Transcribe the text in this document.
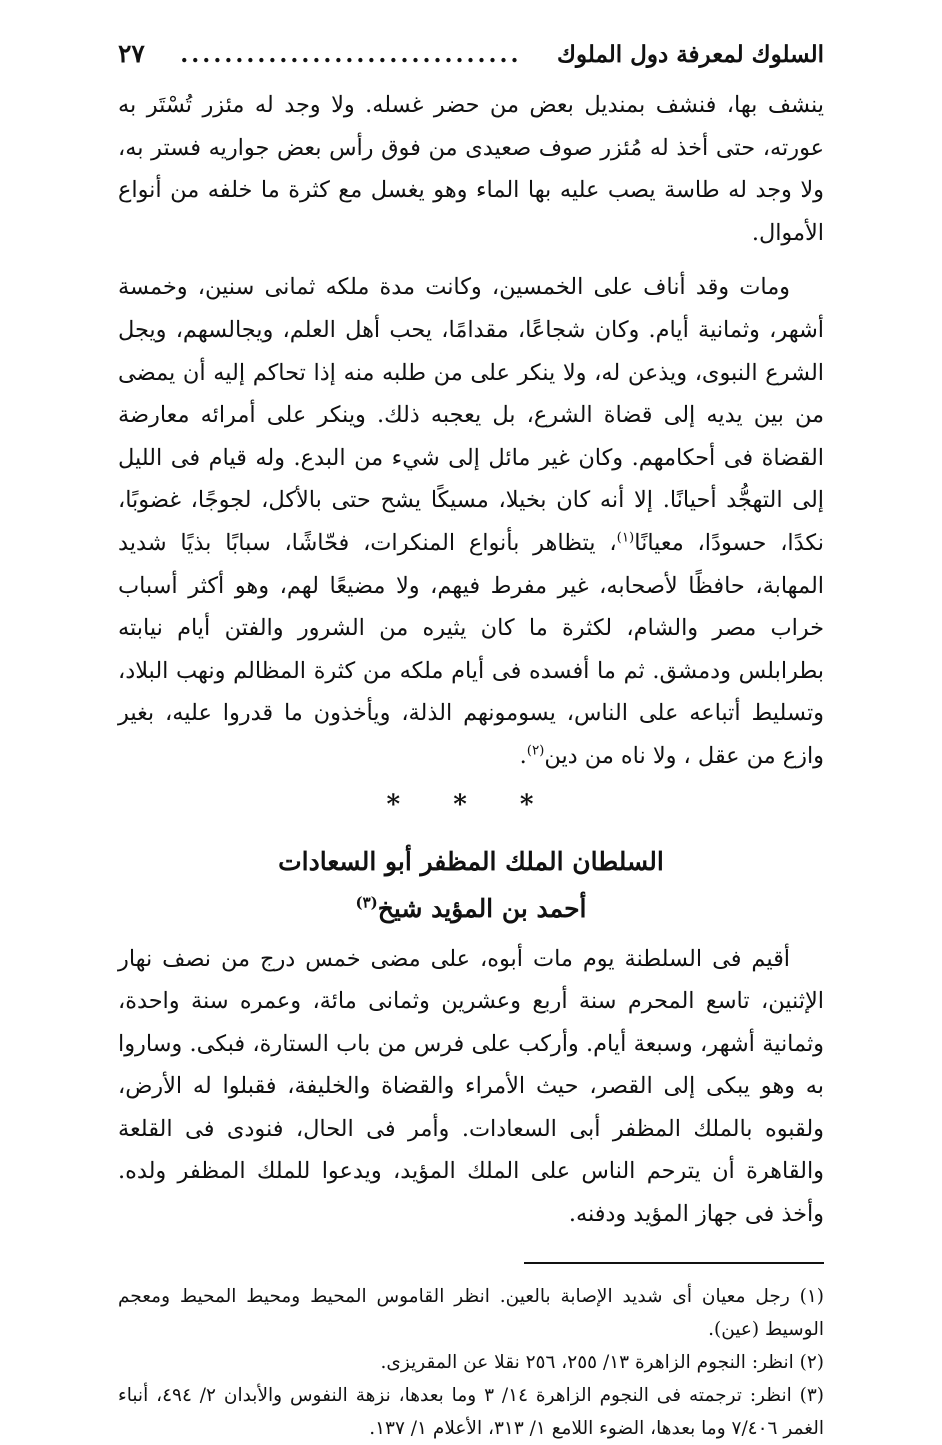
السلوك لمعرفة دول الملوك
...............................
٢٧

ينشف بها، فنشف بمنديل بعض من حضر غسله. ولا وجد له مئزر تُسْتَر به عورته، حتى أخذ له مُئزر صوف صعيدى من فوق رأس بعض جواريه فستر به، ولا وجد له طاسة يصب عليه بها الماء وهو يغسل مع كثرة ما خلفه من أنواع الأموال.

ومات وقد أناف على الخمسين، وكانت مدة ملكه ثمانى سنين، وخمسة أشهر، وثمانية أيام. وكان شجاعًا، مقدامًا، يحب أهل العلم، ويجالسهم، ويجل الشرع النبوى، ويذعن له، ولا ينكر على من طلبه منه إذا تحاكم إليه أن يمضى من بين يديه إلى قضاة الشرع، بل يعجبه ذلك. وينكر على أمرائه معارضة القضاة فى أحكامهم. وكان غير مائل إلى شيء من البدع. وله قيام فى الليل إلى التهجُّد أحيانًا. إلا أنه كان بخيلا، مسيكًا يشح حتى بالأكل، لجوجًا، غضوبًا، نكدًا، حسودًا، معيانًا$^{(١)}$، يتظاهر بأنواع المنكرات، فحّاشًا، سبابًا بذيًا شديد المهابة، حافظًا لأصحابه، غير مفرط فيهم، ولا مضيعًا لهم، وهو أكثر أسباب خراب مصر والشام، لكثرة ما كان يثيره من الشرور والفتن أيام نيابته بطرابلس ودمشق. ثم ما أفسده فى أيام ملكه من كثرة المظالم ونهب البلاد، وتسليط أتباعه على الناس، يسومونهم الذلة، ويأخذون ما قدروا عليه، بغير وازع من عقل ، ولا ناه من دين$^{(٢)}$.

* * *
السلطان الملك المظفر أبو السعادات
أحمد بن المؤيد شيخ$^{(٣)}$

أقيم فى السلطنة يوم مات أبوه، على مضى خمس درج من نصف نهار الإثنين، تاسع المحرم سنة أربع وعشرين وثمانى مائة، وعمره سنة واحدة، وثمانية أشهر، وسبعة أيام. وأركب على فرس من باب الستارة، فبكى. وساروا به وهو يبكى إلى القصر، حيث الأمراء والقضاة والخليفة، فقبلوا له الأرض، ولقبوه بالملك المظفر أبى السعادات. وأمر فى الحال، فنودى فى القلعة والقاهرة أن يترحم الناس على الملك المؤيد، ويدعوا للملك المظفر ولده. وأخذ فى جهاز المؤيد ودفنه.

(١) رجل معيان أى شديد الإصابة بالعين. انظر القاموس المحيط ومحيط المحيط ومعجم الوسيط (عين).

(٢) انظر: النجوم الزاهرة ١٣/ ٢٥٥، ٢٥٦ نقلا عن المقريزى.

(٣) انظر: ترجمته فى النجوم الزاهرة ١٤/ ٣ وما بعدها، نزهة النفوس والأبدان ٢/ ٤٩٤، أنباء الغمر ٧/٤٠٦ وما بعدها، الضوء اللامع ١/ ٣١٣، الأعلام ١/ ١٣٧.
